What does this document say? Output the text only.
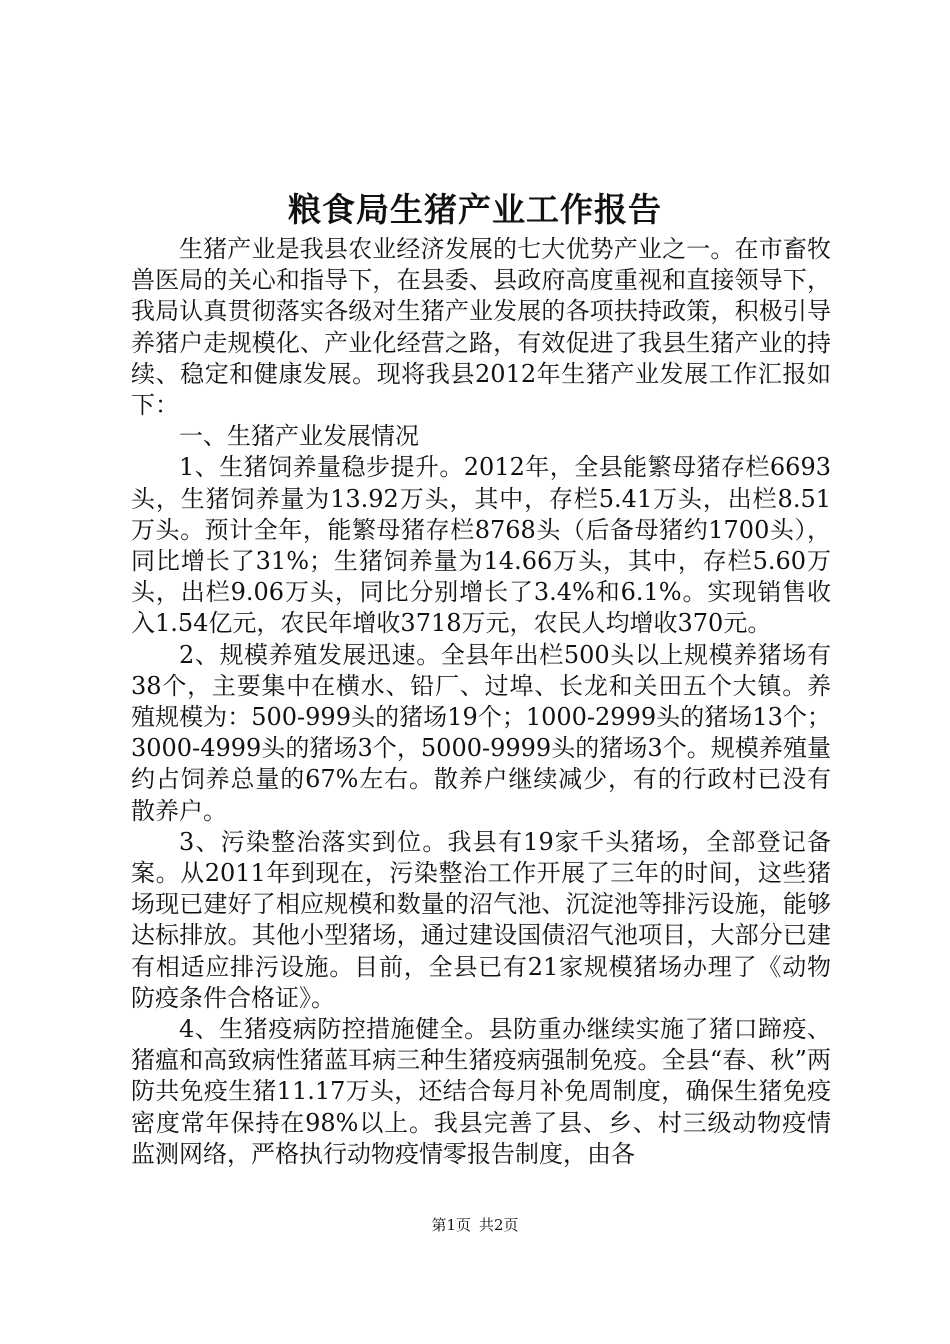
粮食局生猪产业工作报告

生猪产业是我县农业经济发展的七大优势产业之一。在市畜牧兽医局的关心和指导下，在县委、县政府高度重视和直接领导下，我局认真贯彻落实各级对生猪产业发展的各项扶持政策，积极引导养猪户走规模化、产业化经营之路，有效促进了我县生猪产业的持续、稳定和健康发展。现将我县2012年生猪产业发展工作汇报如下：

一、生猪产业发展情况

1、生猪饲养量稳步提升。2012年，全县能繁母猪存栏6693头，生猪饲养量为13.92万头，其中，存栏5.41万头，出栏8.51万头。预计全年，能繁母猪存栏8768头（后备母猪约1700头），同比增长了31%；生猪饲养量为14.66万头，其中，存栏5.60万头，出栏9.06万头，同比分别增长了3.4%和6.1%。实现销售收入1.54亿元，农民年增收3718万元，农民人均增收370元。

2、规模养殖发展迅速。全县年出栏500头以上规模养猪场有38个，主要集中在横水、铅厂、过埠、长龙和关田五个大镇。养殖规模为：500-999头的猪场19个；1000-2999头的猪场13个；3000-4999头的猪场3个，5000-9999头的猪场3个。规模养殖量约占饲养总量的67%左右。散养户继续减少，有的行政村已没有散养户。

3、污染整治落实到位。我县有19家千头猪场，全部登记备案。从2011年到现在，污染整治工作开展了三年的时间，这些猪场现已建好了相应规模和数量的沼气池、沉淀池等排污设施，能够达标排放。其他小型猪场，通过建设国债沼气池项目，大部分已建有相适应排污设施。目前，全县已有21家规模猪场办理了《动物防疫条件合格证》。

4、生猪疫病防控措施健全。县防重办继续实施了猪口蹄疫、猪瘟和高致病性猪蓝耳病三种生猪疫病强制免疫。全县“春、秋”两防共免疫生猪11.17万头，还结合每月补免周制度，确保生猪免疫密度常年保持在98%以上。我县完善了县、乡、村三级动物疫情监测网络，严格执行动物疫情零报告制度，由各

第1页 共2页
